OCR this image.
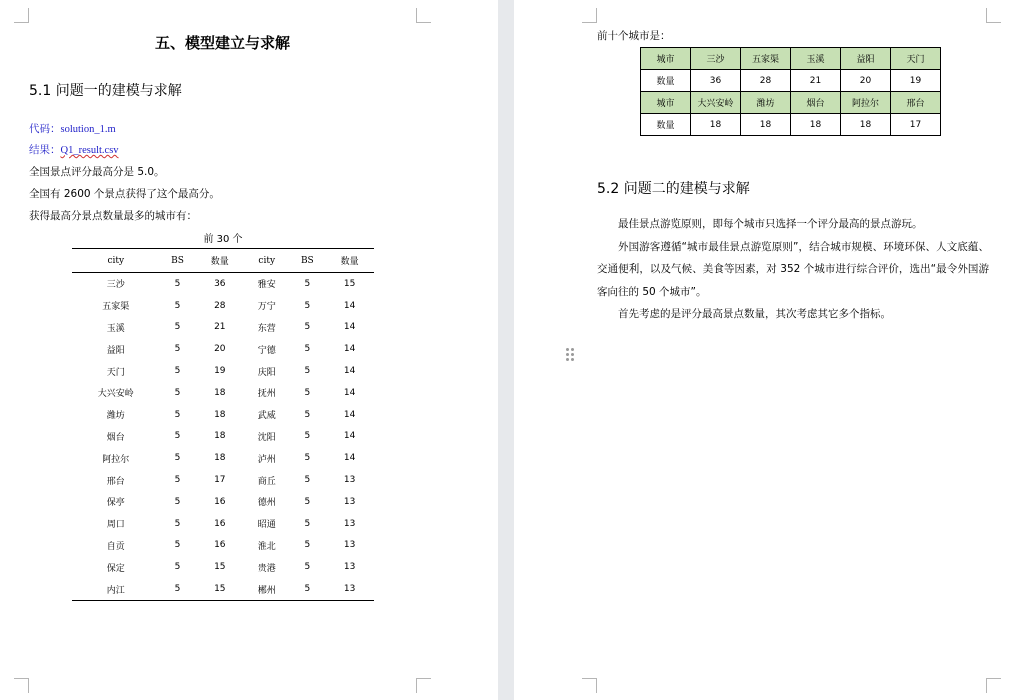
五、模型建立与求解
5.1 问题一的建模与求解
代码：solution_1.m
结果：Q1_result.csv
全国景点评分最高分是 5.0。
全国有 2600 个景点获得了这个最高分。
获得最高分景点数量最多的城市有：
前 30 个
city	BS	数量	city	BS	数量
三沙	5	36	雅安	5	15
五家渠	5	28	万宁	5	14
玉溪	5	21	东营	5	14
益阳	5	20	宁德	5	14
天门	5	19	庆阳	5	14
大兴安岭	5	18	抚州	5	14
潍坊	5	18	武威	5	14
烟台	5	18	沈阳	5	14
阿拉尔	5	18	泸州	5	14
邢台	5	17	商丘	5	13
保亭	5	16	德州	5	13
周口	5	16	昭通	5	13
自贡	5	16	淮北	5	13
保定	5	15	贵港	5	13
内江	5	15	郴州	5	13
前十个城市是：
城市	三沙	五家渠	玉溪	益阳	天门
数量	36	28	21	20	19
城市	大兴安岭	潍坊	烟台	阿拉尔	邢台
数量	18	18	18	18	17
5.2 问题二的建模与求解

最佳景点游览原则，即每个城市只选择一个评分最高的景点游玩。

外国游客遵循“城市最佳景点游览原则”，结合城市规模、环境环保、人文底蕴、交通便利，以及气候、美食等因素，对 352 个城市进行综合评价，选出“最令外国游客向往的 50 个城市”。

首先考虑的是评分最高景点数量，其次考虑其它多个指标。
